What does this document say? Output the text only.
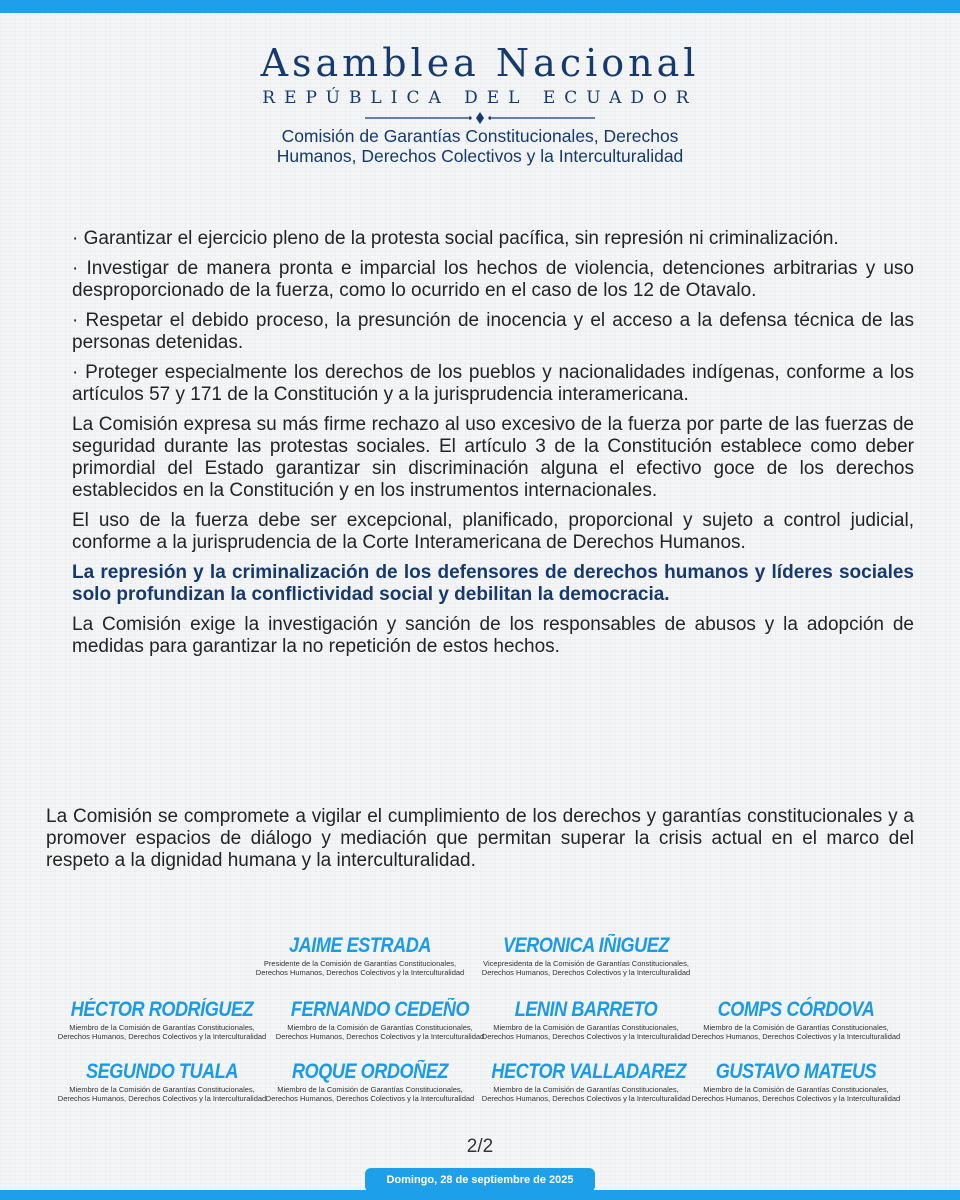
Asamblea Nacional
REPÚBLICA DEL ECUADOR
Comisión de Garantías Constitucionales, Derechos
Humanos, Derechos Colectivos y la Interculturalidad

· Garantizar el ejercicio pleno de la protesta social pacífica, sin represión ni criminalización.

· Investigar de manera pronta e imparcial los hechos de violencia, detenciones arbitrarias y uso desproporcionado de la fuerza, como lo ocurrido en el caso de los 12 de Otavalo.

· Respetar el debido proceso, la presunción de inocencia y el acceso a la defensa técnica de las personas detenidas.

· Proteger especialmente los derechos de los pueblos y nacionalidades indígenas, conforme a los artículos 57 y 171 de la Constitución y a la jurisprudencia interamericana.

La Comisión expresa su más firme rechazo al uso excesivo de la fuerza por parte de las fuerzas de seguridad durante las protestas sociales. El artículo 3 de la Constitución establece como deber primordial del Estado garantizar sin discriminación alguna el efectivo goce de los derechos establecidos en la Constitución y en los instrumentos internacionales.

El uso de la fuerza debe ser excepcional, planificado, proporcional y sujeto a control judicial, conforme a la jurisprudencia de la Corte Interamericana de Derechos Humanos.

La represión y la criminalización de los defensores de derechos humanos y líderes sociales solo profundizan la conflictividad social y debilitan la democracia.

La Comisión exige la investigación y sanción de los responsables de abusos y la adopción de medidas para garantizar la no repetición de estos hechos.

La Comisión se compromete a vigilar el cumplimiento de los derechos y garantías constitucionales y a promover espacios de diálogo y mediación que permitan superar la crisis actual en el marco del respeto a la dignidad humana y la interculturalidad.

JAIME ESTRADA
Presidente de la Comisión de Garantías Constitucionales,
Derechos Humanos, Derechos Colectivos y la Interculturalidad
VERONICA IÑIGUEZ
Vicepresidenta de la Comisión de Garantías Constitucionales,
Derechos Humanos, Derechos Colectivos y la Interculturalidad
HÉCTOR RODRÍGUEZ
Miembro de la Comisión de Garantías Constitucionales,
Derechos Humanos, Derechos Colectivos y la Interculturalidad
FERNANDO CEDEÑO
Miembro de la Comisión de Garantías Constitucionales,
Derechos Humanos, Derechos Colectivos y la Interculturalidad
LENIN BARRETO
Miembro de la Comisión de Garantías Constitucionales,
Derechos Humanos, Derechos Colectivos y la Interculturalidad
COMPS CÓRDOVA
Miembro de la Comisión de Garantías Constitucionales,
Derechos Humanos, Derechos Colectivos y la Interculturalidad
SEGUNDO TUALA
Miembro de la Comisión de Garantías Constitucionales,
Derechos Humanos, Derechos Colectivos y la Interculturalidad
ROQUE ORDOÑEZ
Miembro de la Comisión de Garantías Constitucionales,
Derechos Humanos, Derechos Colectivos y la Interculturalidad
HECTOR VALLADAREZ
Miembro de la Comisión de Garantías Constitucionales,
Derechos Humanos, Derechos Colectivos y la Interculturalidad
GUSTAVO MATEUS
Miembro de la Comisión de Garantías Constitucionales,
Derechos Humanos, Derechos Colectivos y la Interculturalidad
2/2
Domingo, 28 de septiembre de 2025
